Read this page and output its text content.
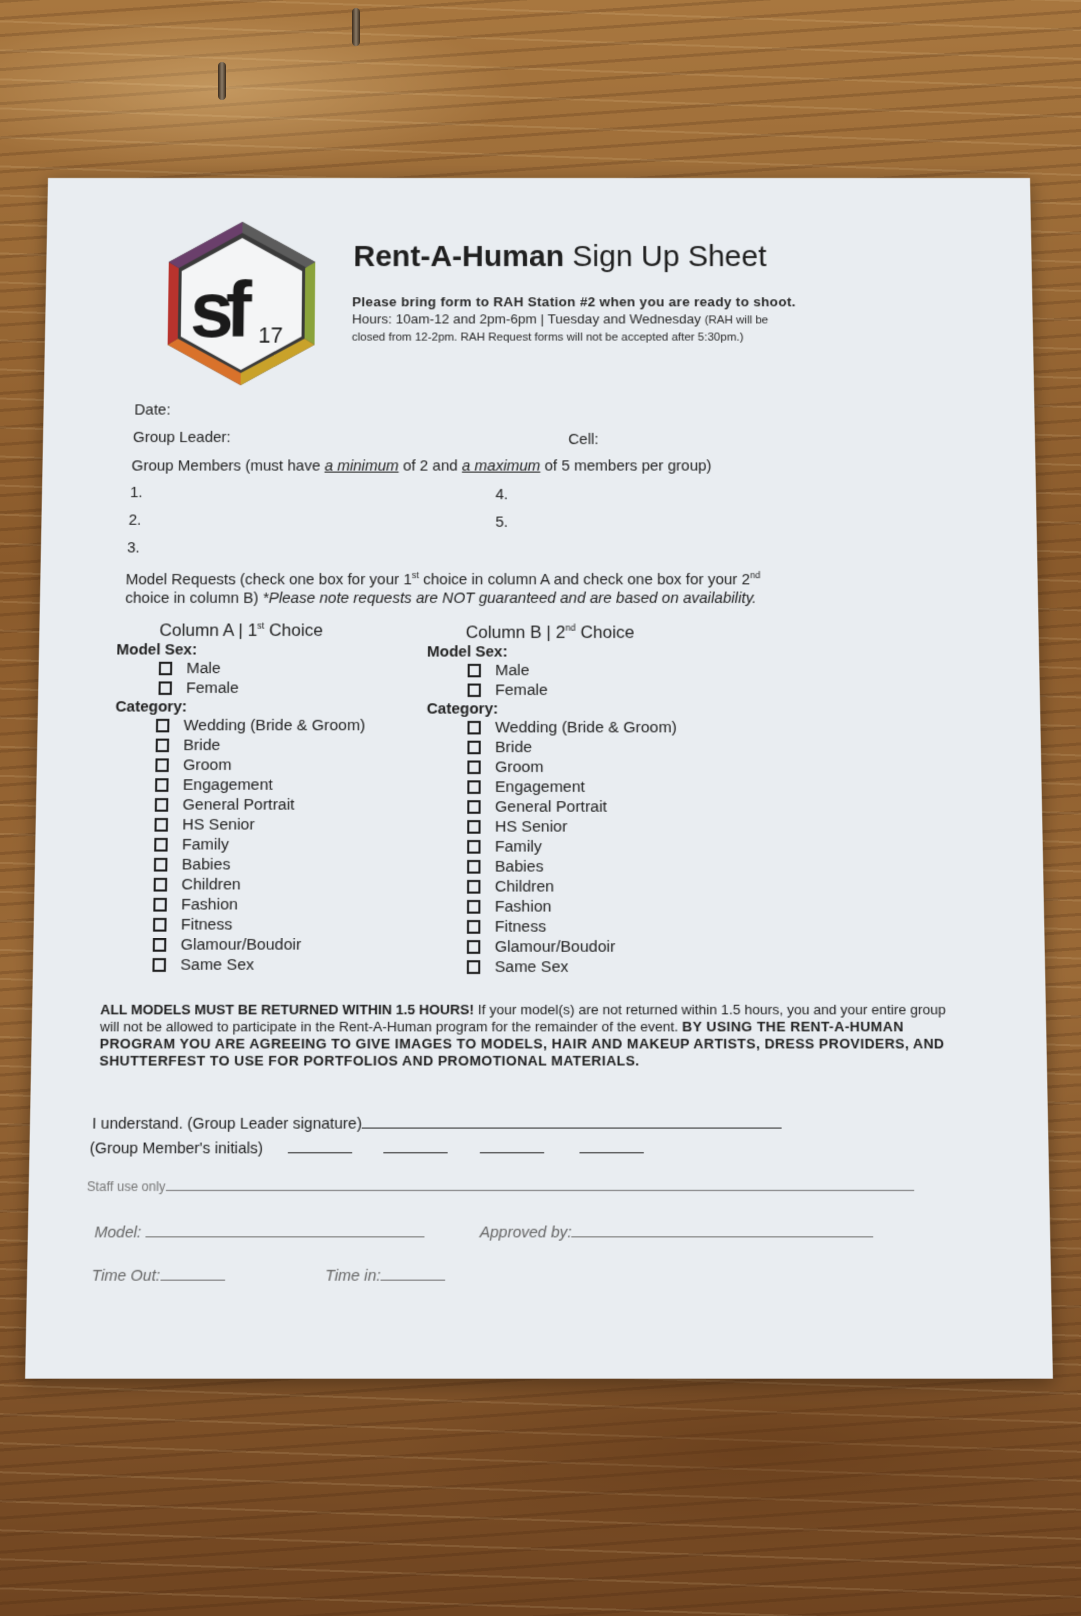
sf 17
Rent-A-Human Sign Up Sheet
Please bring form to RAH Station #2 when you are ready to shoot.
Hours: 10am-12 and 2pm-6pm | Tuesday and Wednesday (RAH will be
closed from 12-2pm. RAH Request forms will not be accepted after 5:30pm.)
Date:
Group Leader:	Cell:
Group Members (must have a minimum of 2 and a maximum of 5 members per group)
1.
2.
3.
4.
5.
Model Requests (check one box for your 1st choice in column A and check one box for your 2nd
choice in column B) *Please note requests are NOT guaranteed and are based on availability.
Column A | 1st Choice
Model Sex:
Male
Female
Category:
Wedding (Bride & Groom)
Bride
Groom
Engagement
General Portrait
HS Senior
Family
Babies
Children
Fashion
Fitness
Glamour/Boudoir
Same Sex
Column B | 2nd Choice
Model Sex:
Male
Female
Category:
Wedding (Bride & Groom)
Bride
Groom
Engagement
General Portrait
HS Senior
Family
Babies
Children
Fashion
Fitness
Glamour/Boudoir
Same Sex
ALL MODELS MUST BE RETURNED WITHIN 1.5 HOURS! If your model(s) are not returned within 1.5 hours, you and your entire group will not be allowed to participate in the Rent-A-Human program for the remainder of the event. BY USING THE RENT-A-HUMAN PROGRAM YOU ARE AGREEING TO GIVE IMAGES TO MODELS, HAIR AND MAKEUP ARTISTS, DRESS PROVIDERS, AND SHUTTERFEST TO USE FOR PORTFOLIOS AND PROMOTIONAL MATERIALS.
I understand. (Group Leader signature)
(Group Member's initials)
Staff use only
Model:	Approved by:
Time Out:	Time in:
